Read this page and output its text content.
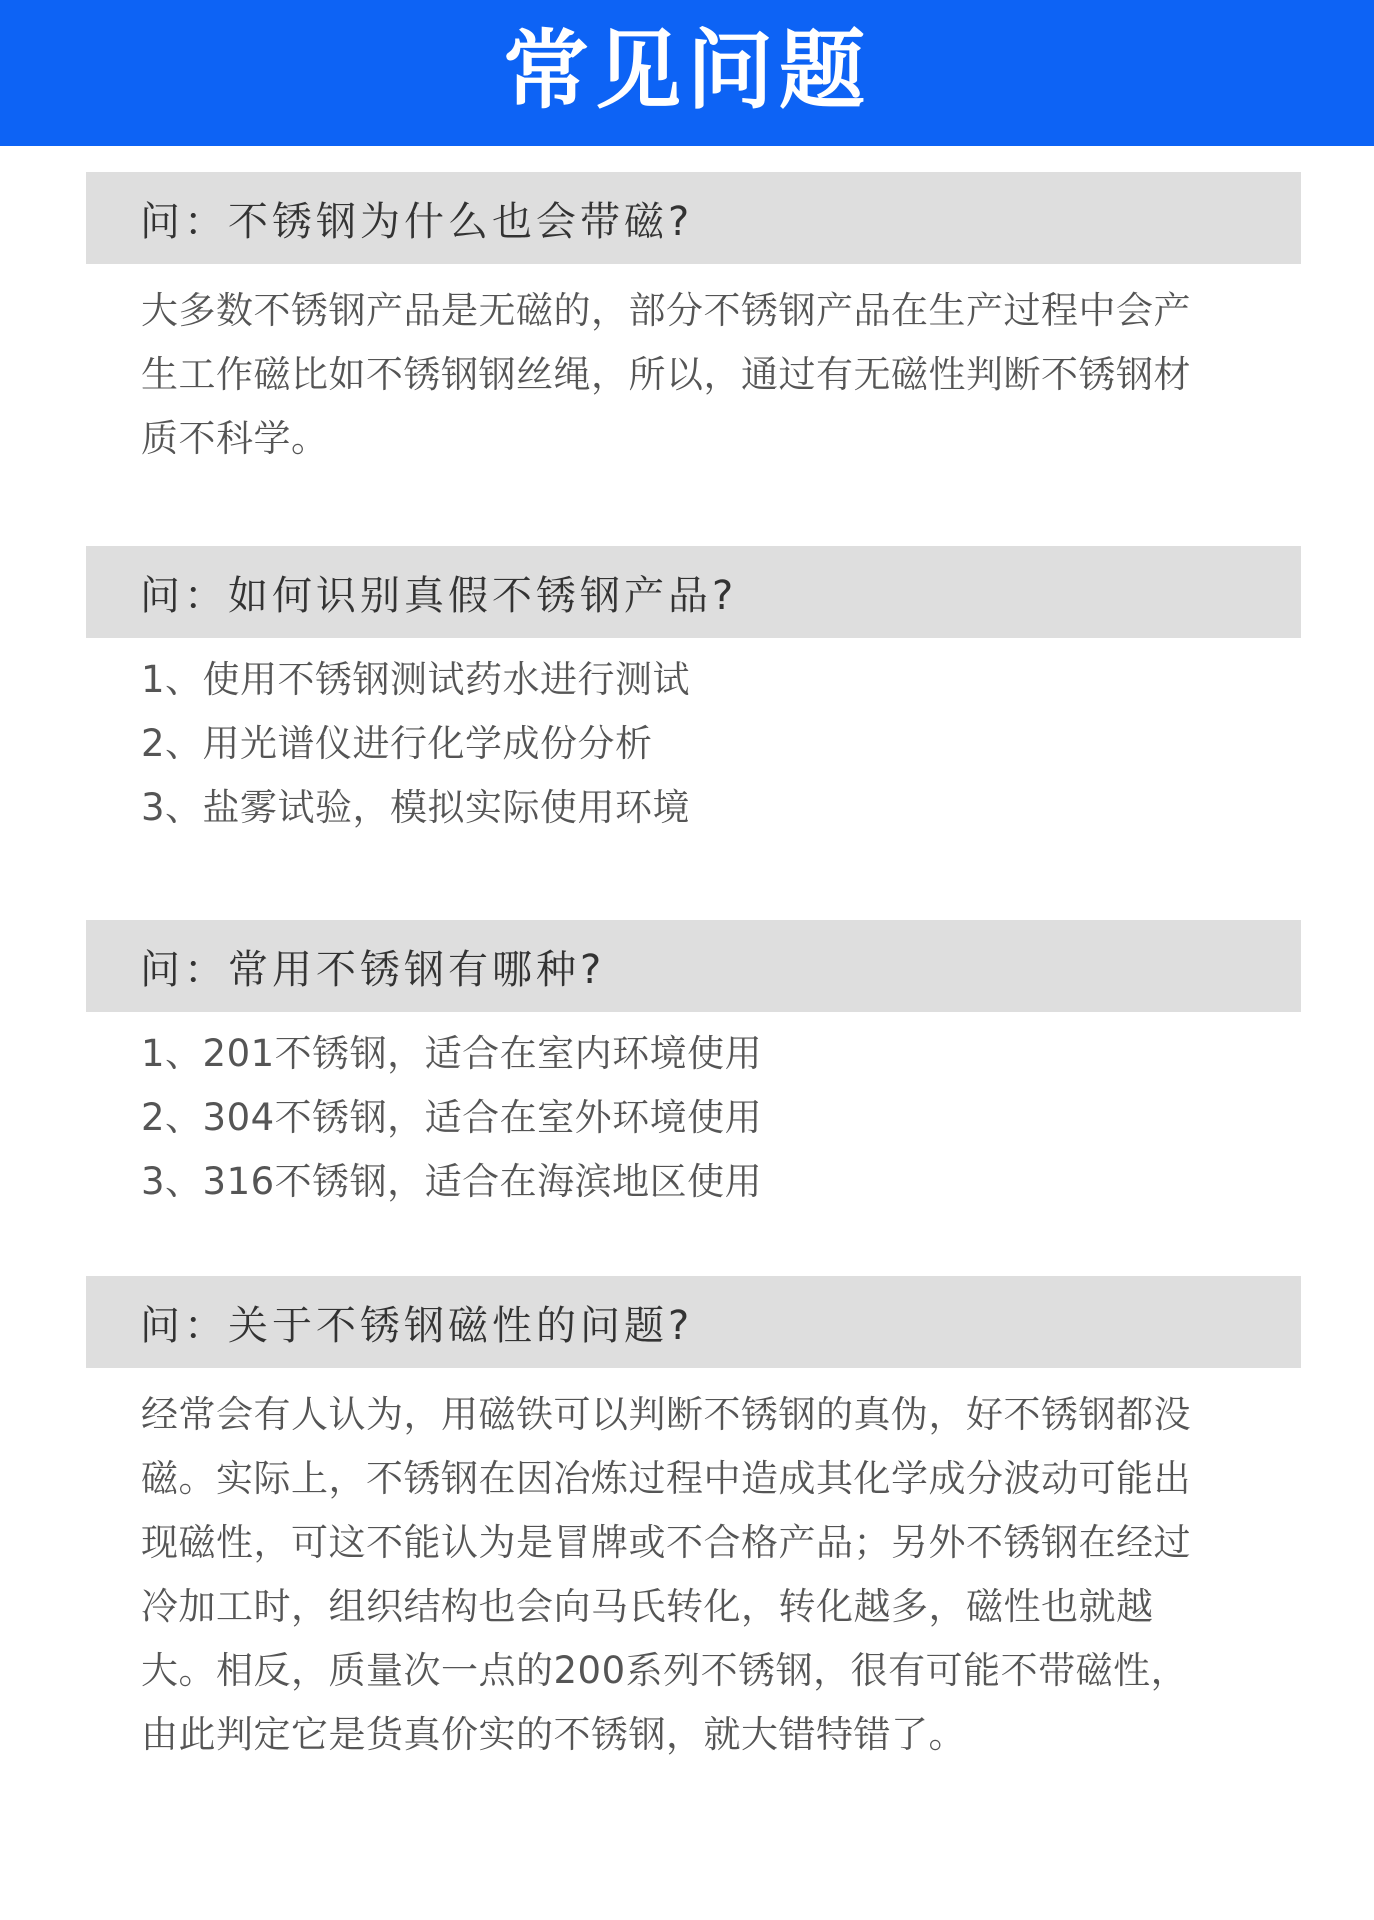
常见问题
问：不锈钢为什么也会带磁?
大多数不锈钢产品是无磁的，部分不锈钢产品在生产过程中会产生工作磁比如不锈钢钢丝绳，所以，通过有无磁性判断不锈钢材质不科学。
问：如何识别真假不锈钢产品?
1、使用不锈钢测试药水进行测试
2、用光谱仪进行化学成份分析
3、盐雾试验，模拟实际使用环境
问：常用不锈钢有哪种?
1、201不锈钢，适合在室内环境使用
2、304不锈钢，适合在室外环境使用
3、316不锈钢，适合在海滨地区使用
问：关于不锈钢磁性的问题?
经常会有人认为，用磁铁可以判断不锈钢的真伪，好不锈钢都没磁。实际上，不锈钢在因冶炼过程中造成其化学成分波动可能出现磁性，可这不能认为是冒牌或不合格产品；另外不锈钢在经过冷加工时，组织结构也会向马氏转化，转化越多，磁性也就越大。相反，质量次一点的200系列不锈钢，很有可能不带磁性，由此判定它是货真价实的不锈钢，就大错特错了。
